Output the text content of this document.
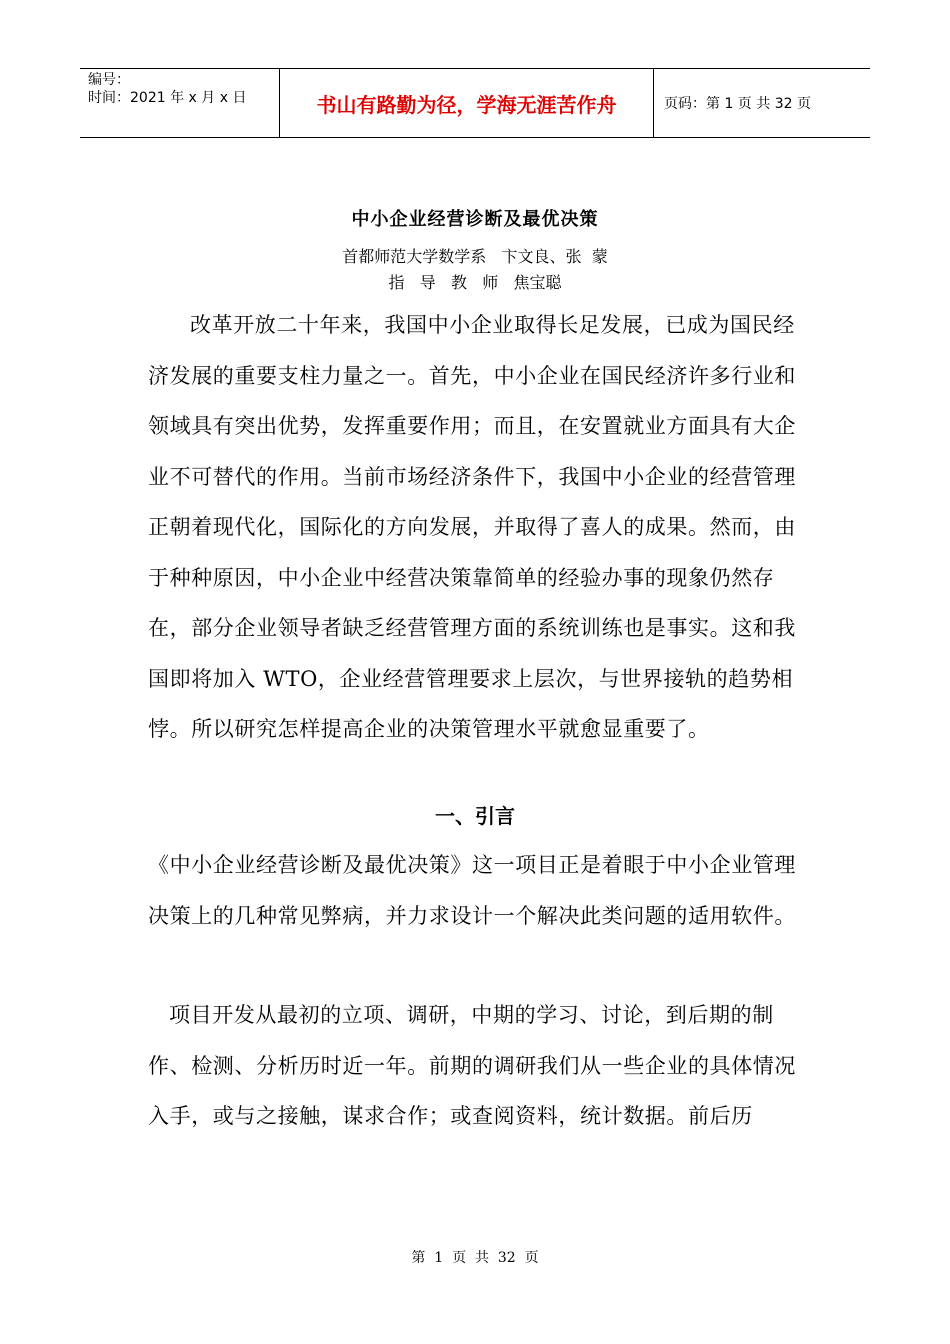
编号：
时间：2021 年 x 月 x 日	书山有路勤为径，学海无涯苦作舟	页码：第 1 页 共 32 页
中小企业经营诊断及最优决策
首都师范大学数学系   卞文良、张  蒙
指   导   教   师   焦宝聪
改革开放二十年来，我国中小企业取得长足发展，已成为国民经济发展的重要支柱力量之一。首先，中小企业在国民经济许多行业和领域具有突出优势，发挥重要作用；而且，在安置就业方面具有大企业不可替代的作用。当前市场经济条件下，我国中小企业的经营管理正朝着现代化，国际化的方向发展，并取得了喜人的成果。然而，由于种种原因，中小企业中经营决策靠简单的经验办事的现象仍然存在，部分企业领导者缺乏经营管理方面的系统训练也是事实。这和我国即将加入 WTO，企业经营管理要求上层次，与世界接轨的趋势相悖。所以研究怎样提高企业的决策管理水平就愈显重要了。
一、引言
《中小企业经营诊断及最优决策》这一项目正是着眼于中小企业管理决策上的几种常见弊病，并力求设计一个解决此类问题的适用软件。
项目开发从最初的立项、调研，中期的学习、讨论，到后期的制作、检测、分析历时近一年。前期的调研我们从一些企业的具体情况入手，或与之接触，谋求合作；或查阅资料，统计数据。前后历
第  1  页  共  32  页
